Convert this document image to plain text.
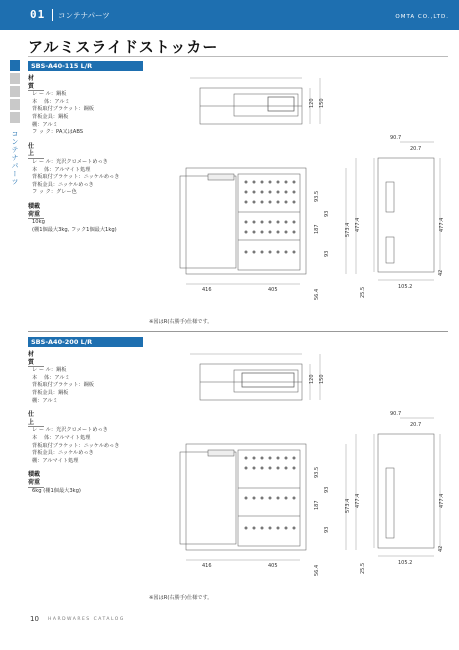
01 コンテナパーツ	OMTA CO.,LTD.
アルミスライドストッカー
コンテナパーツ
SBS-A40-115 L/R
材　質
レ ー ル：鋼板
本　 体：アルミ
背板取付ブラケット：鋼板
背板金具：鋼板
棚：アルミ
フ ッ ク：PA又はABS
仕　上
レ ー ル：光沢クロメートめっき
本　 体：アルマイト処理
背板取付ブラケット：ニッケルめっき
背板金具：ニッケルめっき
フ ッ ク：グレー色
積載荷重
10kg
(棚1個最大3kg, フック1個最大1kg)
120 150
90.7
20.7
573.4 477.4	477.4
93.5
187
93
93
56.4
416	405	25.5	105.2
42
※図はR(右勝手)仕様です。
SBS-A40-200 L/R
材　質
レ ー ル：鋼板
本　 体：アルミ
背板取付ブラケット：鋼板
背板金具：鋼板
棚：アルミ
仕　上
レ ー ル：光沢クロメートめっき
本　 体：アルマイト処理
背板取付ブラケット：ニッケルめっき
背板金具：ニッケルめっき
棚：アルマイト処理
積載荷重
6kg (棚1個最大3kg)
120 150
90.7
20.7
573.4 477.4	477.4
93.5
187
93
93
56.4
416	405	25.5	105.2
42
※図はR(右勝手)仕様です。
10 HARDWARES CATALOG
